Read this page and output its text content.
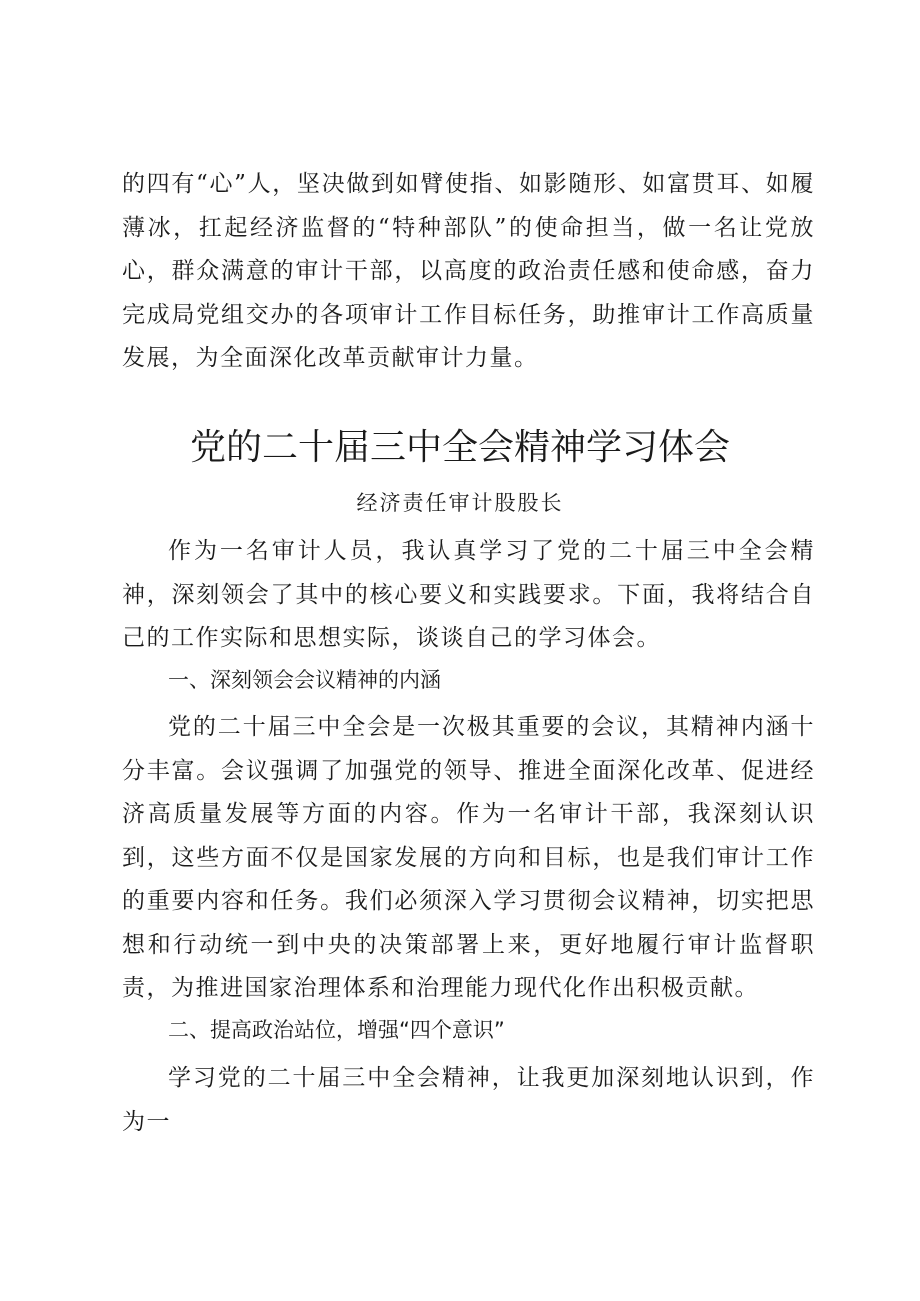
的四有“心”人，坚决做到如臂使指、如影随形、如富贯耳、如履薄冰，扛起经济监督的“特种部队”的使命担当，做一名让党放心，群众满意的审计干部，以高度的政治责任感和使命感，奋力完成局党组交办的各项审计工作目标任务，助推审计工作高质量发展，为全面深化改革贡献审计力量。

党的二十届三中全会精神学习体会

经济责任审计股股长

作为一名审计人员，我认真学习了党的二十届三中全会精神，深刻领会了其中的核心要义和实践要求。下面，我将结合自己的工作实际和思想实际，谈谈自己的学习体会。

一、深刻领会会议精神的内涵

党的二十届三中全会是一次极其重要的会议，其精神内涵十分丰富。会议强调了加强党的领导、推进全面深化改革、促进经济高质量发展等方面的内容。作为一名审计干部，我深刻认识到，这些方面不仅是国家发展的方向和目标，也是我们审计工作的重要内容和任务。我们必须深入学习贯彻会议精神，切实把思想和行动统一到中央的决策部署上来，更好地履行审计监督职责，为推进国家治理体系和治理能力现代化作出积极贡献。

二、提高政治站位，增强“四个意识”

学习党的二十届三中全会精神，让我更加深刻地认识到，作为一
